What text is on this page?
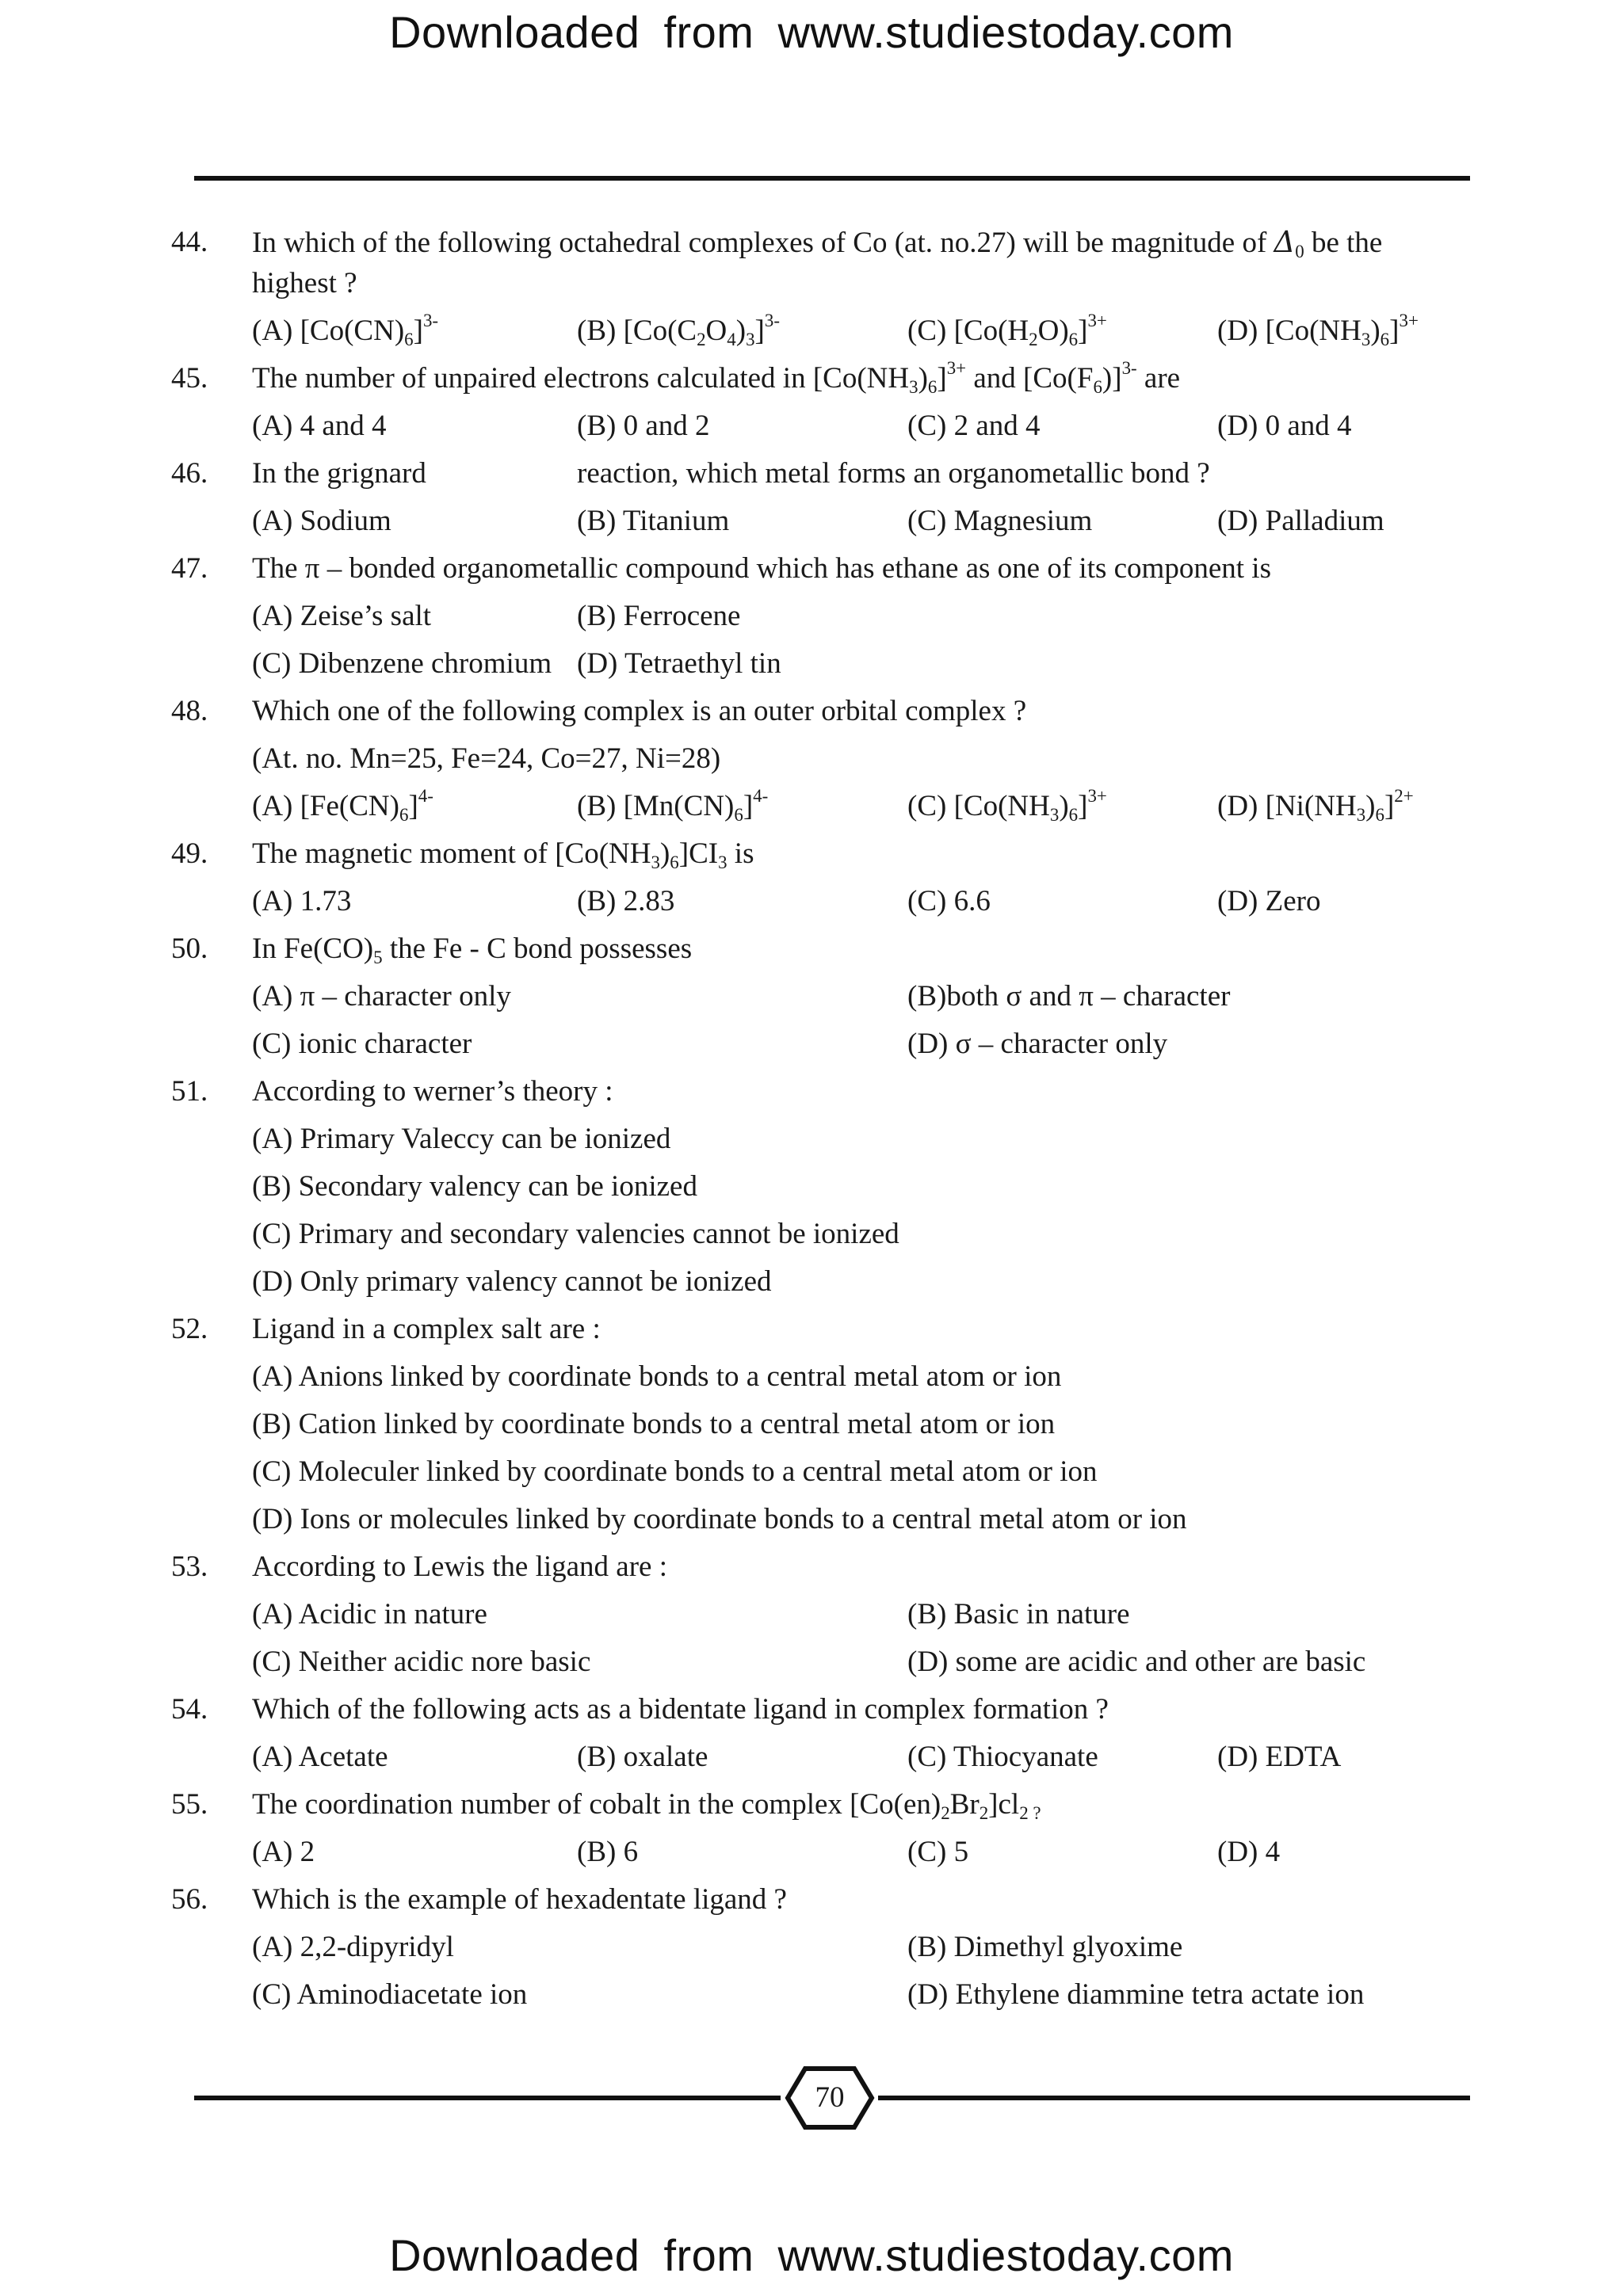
Downloaded from www.studiestoday.com
44. In which of the following octahedral complexes of Co (at. no.27) will be magnitude of $\Delta_0$ be the
highest ?
(A) $[Co(CN)_6]^{3-}$	(B) $[Co(C_2O_4)_3]^{3-}$	(C) $[Co(H_2O)_6]^{3+}$	(D) $[Co(NH_3)_6]^{3+}$
45. The number of unpaired electrons calculated in $[Co(NH_3)_6]^{3+}$ and $[Co(F_6)]^{3-}$ are
(A) 4 and 4	(B) 0 and 2	(C) 2 and 4	(D) 0 and 4
46. In the grignard	reaction, which metal forms an organometallic bond ?
(A) Sodium	(B) Titanium	(C) Magnesium	(D) Palladium
47. The π – bonded organometallic compound which has ethane as one of its component is
(A) Zeise’s salt	(B) Ferrocene
(C) Dibenzene chromium (D) Tetraethyl tin
48. Which one of the following complex is an outer orbital complex ?
(At. no. Mn=25, Fe=24, Co=27, Ni=28)
(A) $[Fe(CN)_6]^{4-}$	(B) $[Mn(CN)_6]^{4-}$	(C) $[Co(NH_3)_6]^{3+}$	(D) $[Ni(NH_3)_6]^{2+}$
49. The magnetic moment of $[Co(NH_3)_6]CI_3$ is
(A) 1.73	(B) 2.83	(C) 6.6	(D) Zero
50. In $Fe(CO)_5$ the Fe - C bond possesses
(A) π – character only	(B)both σ and π – character
(C) ionic character	(D) σ – character only
51. According to werner’s theory :
(A) Primary Valeccy can be ionized
(B) Secondary valency can be ionized
(C) Primary and secondary valencies cannot be ionized
(D) Only primary valency cannot be ionized
52. Ligand in a complex salt are :
(A) Anions linked by coordinate bonds to a central metal atom or ion
(B) Cation linked by coordinate bonds to a central metal atom or ion
(C) Moleculer linked by coordinate bonds to a central metal atom or ion
(D) Ions or molecules linked by coordinate bonds to a central metal atom or ion
53. According to Lewis the ligand are :
(A) Acidic in nature	(B) Basic in nature
(C) Neither acidic nore basic	(D) some are acidic and other are basic
54. Which of the following acts as a bidentate ligand in complex formation ?
(A) Acetate	(B) oxalate	(C) Thiocyanate	(D) EDTA
55. The coordination number of cobalt in the complex $[Co(en)_2Br_2]cl_{2 ?}$
(A) 2	(B) 6	(C) 5	(D) 4
56. Which is the example of hexadentate ligand ?
(A) 2,2-dipyridyl	(B) Dimethyl glyoxime
(C) Aminodiacetate ion	(D) Ethylene diammine tetra actate ion
70
Downloaded from www.studiestoday.com
